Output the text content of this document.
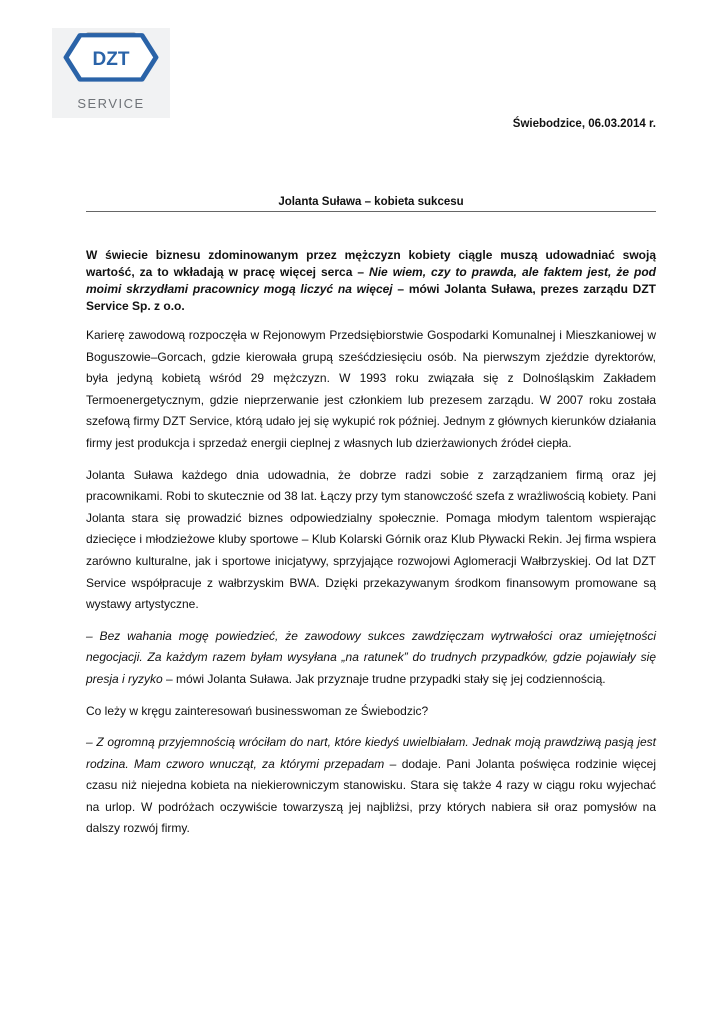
DZT
SERVICE
Świebodzice, 06.03.2014 r.
Jolanta Suława – kobieta sukcesu

W świecie biznesu zdominowanym przez mężczyzn kobiety ciągle muszą udowadniać swoją wartość, za to wkładają w pracę więcej serca – Nie wiem, czy to prawda, ale faktem jest, że pod moimi skrzydłami pracownicy mogą liczyć na więcej – mówi Jolanta Suława, prezes zarządu DZT Service Sp. z o.o.

Karierę zawodową rozpoczęła w Rejonowym Przedsiębiorstwie Gospodarki Komunalnej i Mieszkaniowej w Boguszowie–Gorcach, gdzie kierowała grupą sześćdziesięciu osób. Na pierwszym zjeździe dyrektorów, była jedyną kobietą wśród 29 mężczyzn. W 1993 roku związała się z Dolnośląskim Zakładem Termoenergetycznym, gdzie nieprzerwanie jest członkiem lub prezesem zarządu. W 2007 roku została szefową firmy DZT Service, którą udało jej się wykupić rok później. Jednym z głównych kierunków działania firmy jest produkcja i sprzedaż energii cieplnej z własnych lub dzierżawionych źródeł ciepła.

Jolanta Suława każdego dnia udowadnia, że dobrze radzi sobie z zarządzaniem firmą oraz jej pracownikami. Robi to skutecznie od 38 lat. Łączy przy tym stanowczość szefa z wrażliwością kobiety. Pani Jolanta stara się prowadzić biznes odpowiedzialny społecznie. Pomaga młodym talentom wspierając dziecięce i młodzieżowe kluby sportowe – Klub Kolarski Górnik oraz Klub Pływacki Rekin. Jej firma wspiera zarówno kulturalne, jak i sportowe inicjatywy, sprzyjające rozwojowi Aglomeracji Wałbrzyskiej. Od lat DZT Service współpracuje z wałbrzyskim BWA. Dzięki przekazywanym środkom finansowym promowane są wystawy artystyczne.

– Bez wahania mogę powiedzieć, że zawodowy sukces zawdzięczam wytrwałości oraz umiejętności negocjacji. Za każdym razem byłam wysyłana „na ratunek” do trudnych przypadków, gdzie pojawiały się presja i ryzyko – mówi Jolanta Suława. Jak przyznaje trudne przypadki stały się jej codziennością.

Co leży w kręgu zainteresowań businesswoman ze Świebodzic?

– Z ogromną przyjemnością wróciłam do nart, które kiedyś uwielbiałam. Jednak moją prawdziwą pasją jest rodzina. Mam czworo wnucząt, za którymi przepadam – dodaje. Pani Jolanta poświęca rodzinie więcej czasu niż niejedna kobieta na niekierowniczym stanowisku. Stara się także 4 razy w ciągu roku wyjechać na urlop. W podróżach oczywiście towarzyszą jej najbliżsi, przy których nabiera sił oraz pomysłów na dalszy rozwój firmy.
